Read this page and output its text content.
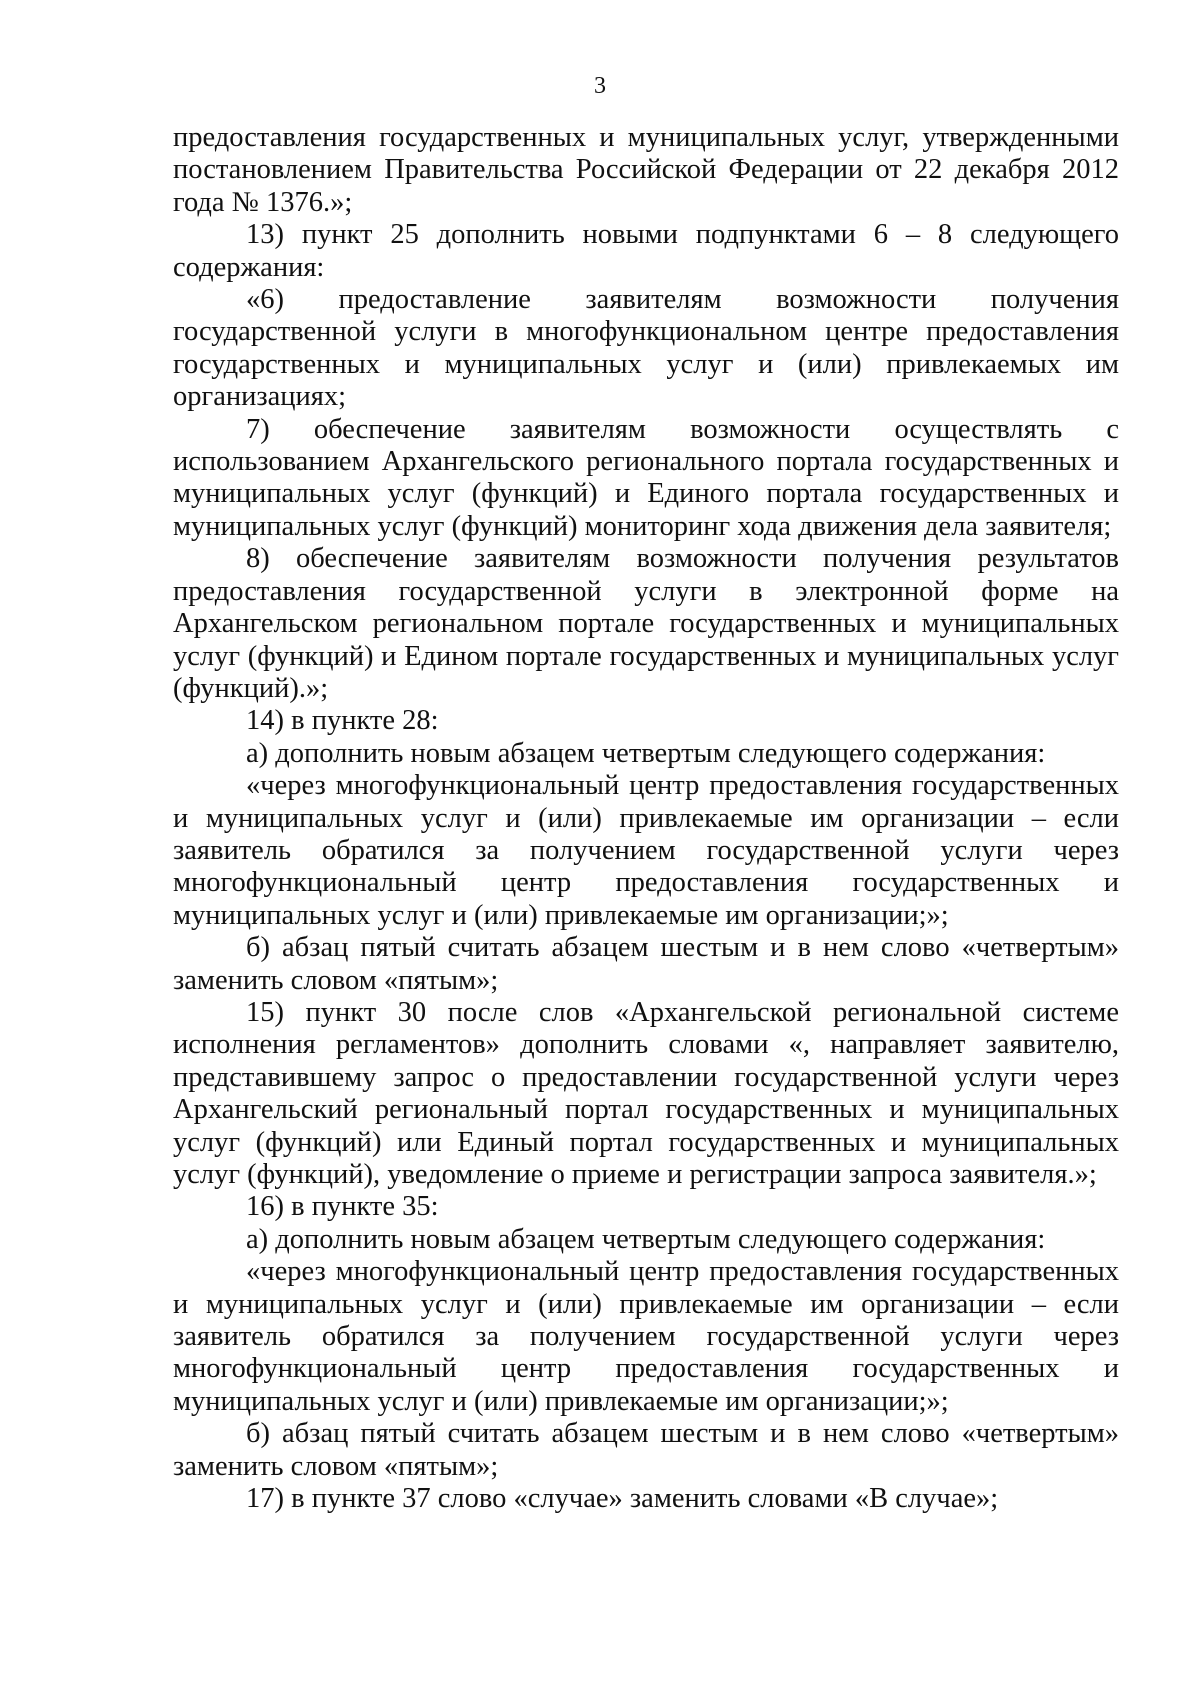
3

предоставления государственных и муниципальных услуг, утвержденными постановлением Правительства Российской Федерации от 22 декабря 2012 года № 1376.»;

13) пункт 25 дополнить новыми подпунктами 6 – 8 следующего содержания:

«6) предоставление заявителям возможности получения государственной услуги в многофункциональном центре предоставления государственных и муниципальных услуг и (или) привлекаемых им организациях;

7) обеспечение заявителям возможности осуществлять с использованием Архангельского регионального портала государственных и муниципальных услуг (функций) и Единого портала государственных и муниципальных услуг (функций) мониторинг хода движения дела заявителя;

8) обеспечение заявителям возможности получения результатов предоставления государственной услуги в электронной форме на Архангельском региональном портале государственных и муниципальных услуг (функций) и Едином портале государственных и муниципальных услуг (функций).»;

14) в пункте 28:

а) дополнить новым абзацем четвертым следующего содержания:

«через многофункциональный центр предоставления государственных и муниципальных услуг и (или) привлекаемые им организации – если заявитель обратился за получением государственной услуги через многофункциональный центр предоставления государственных и муниципальных услуг и (или) привлекаемые им организации;»;

б) абзац пятый считать абзацем шестым и в нем слово «четвертым» заменить словом «пятым»;

15) пункт 30 после слов «Архангельской региональной системе исполнения регламентов» дополнить словами «, направляет заявителю, представившему запрос о предоставлении государственной услуги через Архангельский региональный портал государственных и муниципальных услуг (функций) или Единый портал государственных и муниципальных услуг (функций), уведомление о приеме и регистрации запроса заявителя.»;

16) в пункте 35:

а) дополнить новым абзацем четвертым следующего содержания:

«через многофункциональный центр предоставления государственных и муниципальных услуг и (или) привлекаемые им организации – если заявитель обратился за получением государственной услуги через многофункциональный центр предоставления государственных и муниципальных услуг и (или) привлекаемые им организации;»;

б) абзац пятый считать абзацем шестым и в нем слово «четвертым» заменить словом «пятым»;

17) в пункте 37 слово «случае» заменить словами «В случае»;
